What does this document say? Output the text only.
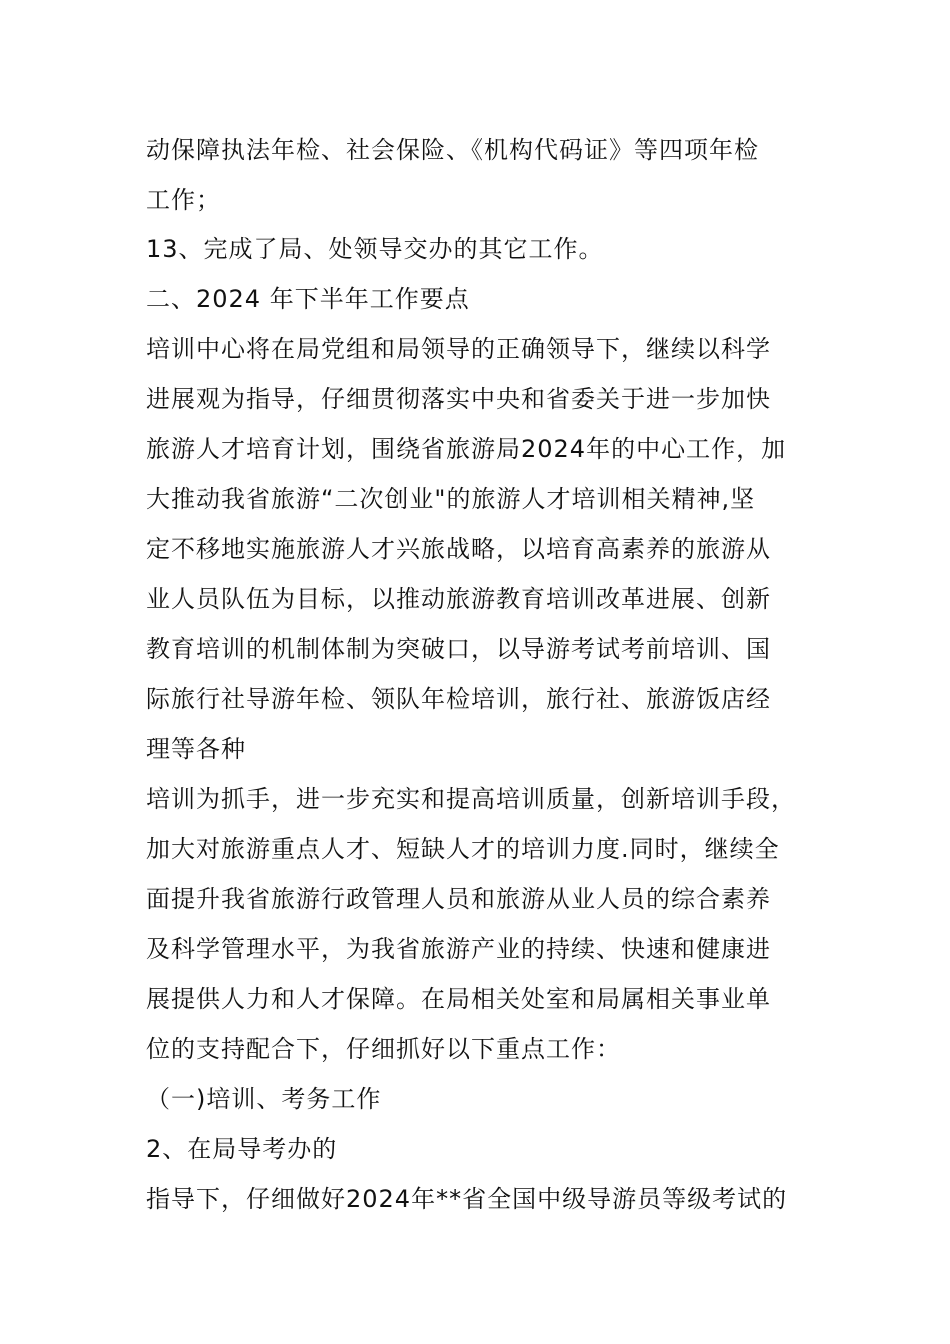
动保障执法年检、社会保险、《机构代码证》等四项年检
工作；
13、完成了局、处领导交办的其它工作。
二、2024 年下半年工作要点
培训中心将在局党组和局领导的正确领导下，继续以科学
进展观为指导，仔细贯彻落实中央和省委关于进一步加快
旅游人才培育计划，围绕省旅游局2024年的中心工作，加
大推动我省旅游“二次创业"的旅游人才培训相关精神,坚
定不移地实施旅游人才兴旅战略，以培育高素养的旅游从
业人员队伍为目标，以推动旅游教育培训改革进展、创新
教育培训的机制体制为突破口，以导游考试考前培训、国
际旅行社导游年检、领队年检培训，旅行社、旅游饭店经
理等各种
培训为抓手，进一步充实和提高培训质量，创新培训手段，
加大对旅游重点人才、短缺人才的培训力度.同时，继续全
面提升我省旅游行政管理人员和旅游从业人员的综合素养
及科学管理水平，为我省旅游产业的持续、快速和健康进
展提供人力和人才保障。在局相关处室和局属相关事业单
位的支持配合下，仔细抓好以下重点工作：
（一)培训、考务工作
2、在局导考办的
指导下，仔细做好2024年**省全国中级导游员等级考试的
